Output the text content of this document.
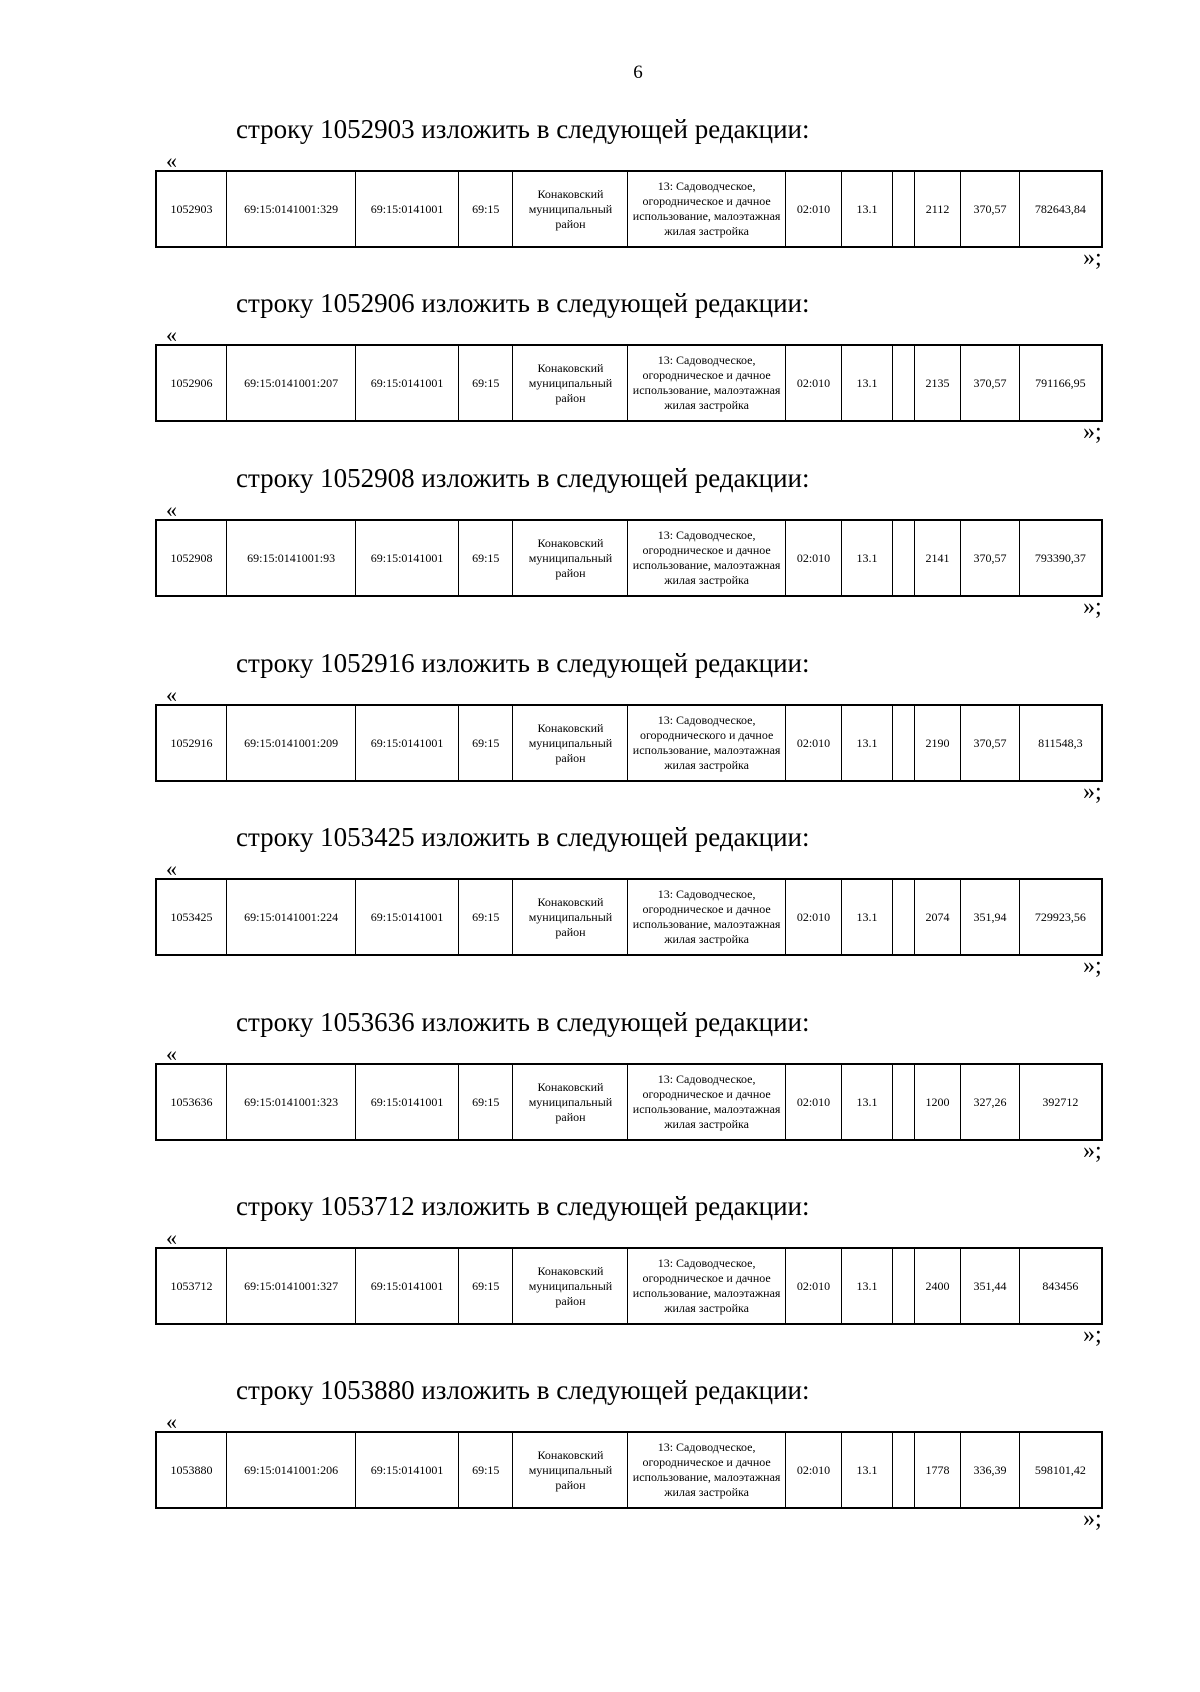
6
строку 1052903 изложить в следующей редакции:
«
1052903	69:15:0141001:329	69:15:0141001	69:15	Конаковский муниципальный район	13: Садоводческое, огородническое и дачное использование, малоэтажная жилая застройка	02:010	13.1		2112	370,57	782643,84
»;
строку 1052906 изложить в следующей редакции:
«
1052906	69:15:0141001:207	69:15:0141001	69:15	Конаковский муниципальный район	13: Садоводческое, огородническое и дачное использование, малоэтажная жилая застройка	02:010	13.1		2135	370,57	791166,95
»;
строку 1052908 изложить в следующей редакции:
«
1052908	69:15:0141001:93	69:15:0141001	69:15	Конаковский муниципальный район	13: Садоводческое, огородническое и дачное использование, малоэтажная жилая застройка	02:010	13.1		2141	370,57	793390,37
»;
строку 1052916 изложить в следующей редакции:
«
1052916	69:15:0141001:209	69:15:0141001	69:15	Конаковский муниципальный район	13: Садоводческое, огороднического и дачное использование, малоэтажная жилая застройка	02:010	13.1		2190	370,57	811548,3
»;
строку 1053425 изложить в следующей редакции:
«
1053425	69:15:0141001:224	69:15:0141001	69:15	Конаковский муниципальный район	13: Садоводческое, огородническое и дачное использование, малоэтажная жилая застройка	02:010	13.1		2074	351,94	729923,56
»;
строку 1053636 изложить в следующей редакции:
«
1053636	69:15:0141001:323	69:15:0141001	69:15	Конаковский муниципальный район	13: Садоводческое, огородническое и дачное использование, малоэтажная жилая застройка	02:010	13.1		1200	327,26	392712
»;
строку 1053712 изложить в следующей редакции:
«
1053712	69:15:0141001:327	69:15:0141001	69:15	Конаковский муниципальный район	13: Садоводческое, огородническое и дачное использование, малоэтажная жилая застройка	02:010	13.1		2400	351,44	843456
»;
строку 1053880 изложить в следующей редакции:
«
1053880	69:15:0141001:206	69:15:0141001	69:15	Конаковский муниципальный район	13: Садоводческое, огородническое и дачное использование, малоэтажная жилая застройка	02:010	13.1		1778	336,39	598101,42
»;
